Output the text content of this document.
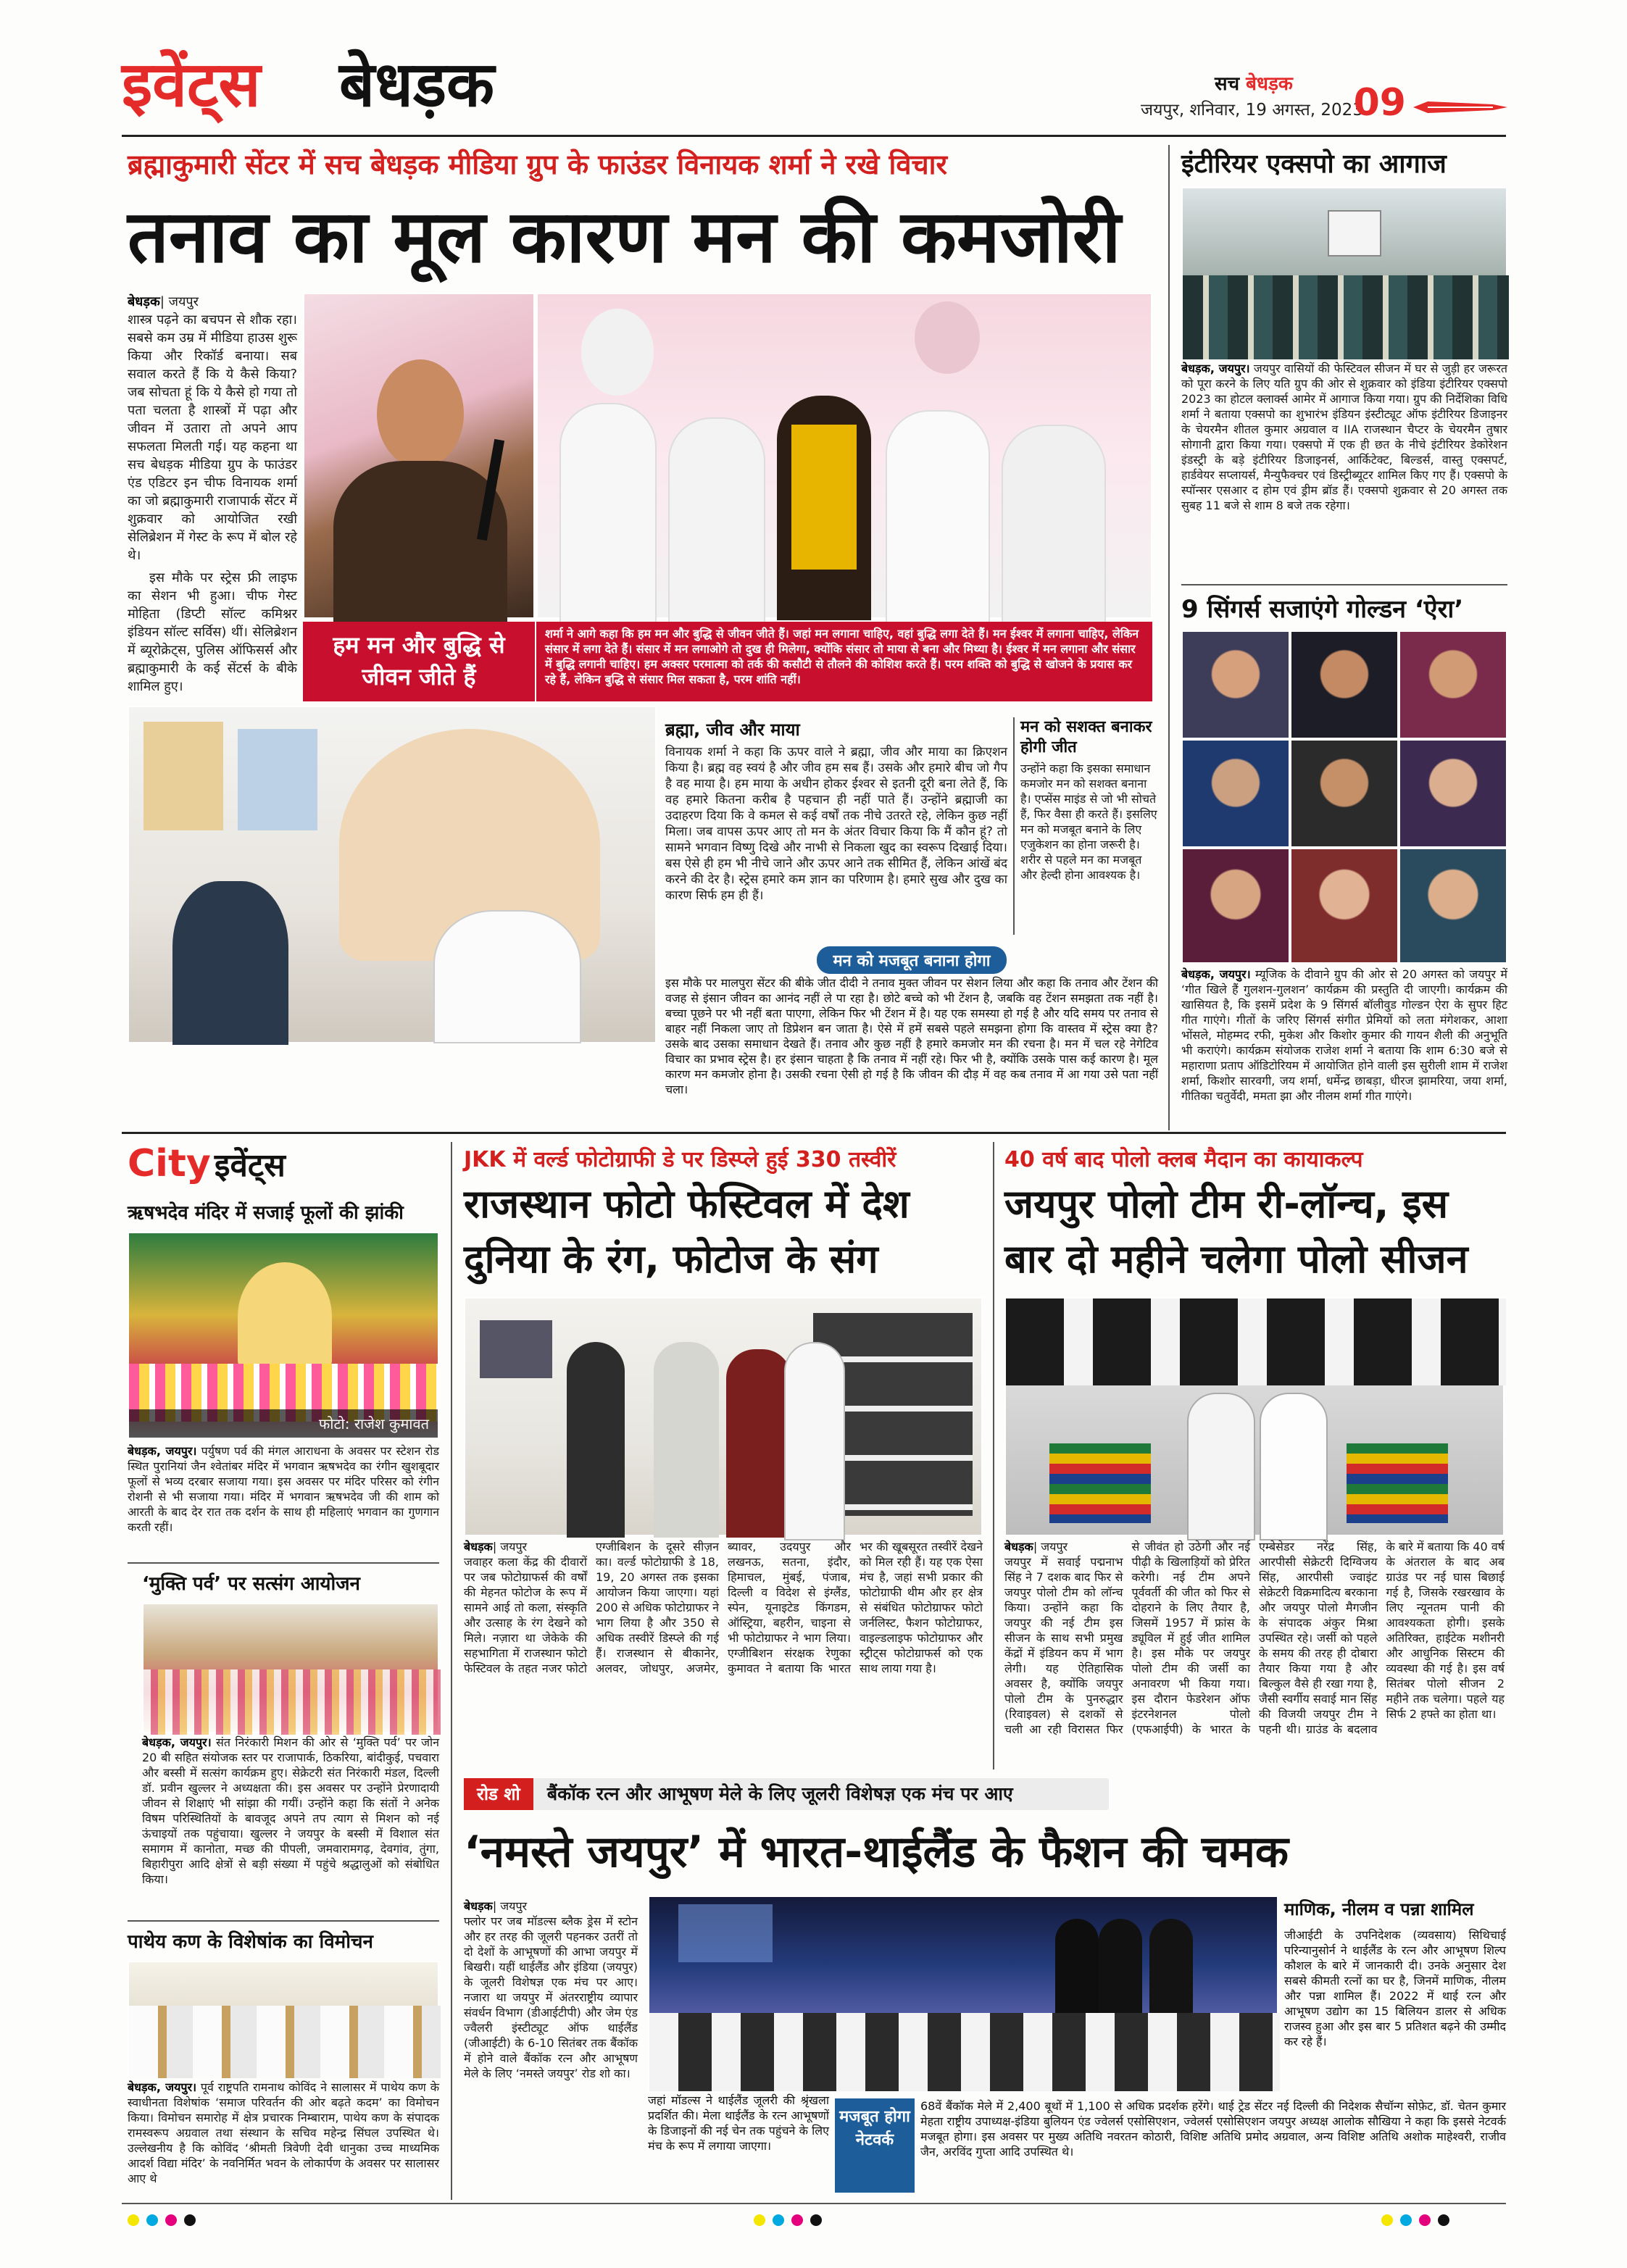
इवेंट्स बेधड़क	सच बेधड़क
जयपुर, शनिवार, 19 अगस्त, 2023
09
ब्रह्माकुमारी सेंटर में सच बेधड़क मीडिया ग्रुप के फाउंडर विनायक शर्मा ने रखे विचार
तनाव का मूल कारण मन की कमजोरी

बेधड़क| जयपुर
शास्त्र पढ़ने का बचपन से शौक रहा। सबसे कम उम्र में मीडिया हाउस शुरू किया और रिकॉर्ड बनाया। सब सवाल करते हैं कि ये कैसे किया? जब सोचता हूं कि ये कैसे हो गया तो पता चलता है शास्त्रों में पढ़ा और जीवन में उतारा तो अपने आप सफलता मिलती गई। यह कहना था सच बेधड़क मीडिया ग्रुप के फाउंडर एंड एडिटर इन चीफ विनायक शर्मा का जो ब्रह्माकुमारी राजापार्क सेंटर में शुक्रवार को आयोजित रखी सेलिब्रेशन में गेस्ट के रूप में बोल रहे थे।

इस मौके पर स्ट्रेस फ्री लाइफ का सेशन भी हुआ। चीफ गेस्ट मोहिता (डिप्टी सॉल्ट कमिश्नर इंडियन सॉल्ट सर्विस) थीं। सेलिब्रेशन में ब्यूरोक्रेट्स, पुलिस ऑफिसर्स और ब्रह्माकुमारी के कई सेंटर्स के बीके शामिल हुए।

हम मन और बुद्धि से जीवन जीते हैं
शर्मा ने आगे कहा कि हम मन और बुद्धि से जीवन जीते हैं। जहां मन लगाना चाहिए, वहां बुद्धि लगा देते हैं। मन ईश्वर में लगाना चाहिए, लेकिन संसार में लगा देते हैं। संसार में मन लगाओगे तो दुख ही मिलेगा, क्योंकि संसार तो माया से बना और मिथ्या है। ईश्वर में मन लगाना और संसार में बुद्धि लगानी चाहिए। हम अक्सर परमात्मा को तर्क की कसौटी से तौलने की कोशिश करते हैं। परम शक्ति को बुद्धि से खोजने के प्रयास कर रहे हैं, लेकिन बुद्धि से संसार मिल सकता है, परम शांति नहीं।
ब्रह्मा, जीव और माया

विनायक शर्मा ने कहा कि ऊपर वाले ने ब्रह्मा, जीव और माया का क्रिएशन किया है। ब्रह्म वह स्वयं है और जीव हम सब हैं। उसके और हमारे बीच जो गैप है वह माया है। हम माया के अधीन होकर ईश्वर से इतनी दूरी बना लेते हैं, कि वह हमारे कितना करीब है पहचान ही नहीं पाते हैं। उन्होंने ब्रह्माजी का उदाहरण दिया कि वे कमल से कई वर्षों तक नीचे उतरते रहे, लेकिन कुछ नहीं मिला। जब वापस ऊपर आए तो मन के अंतर विचार किया कि मैं कौन हूं? तो सामने भगवान विष्णु दिखे और नाभी से निकला खुद का स्वरूप दिखाई दिया। बस ऐसे ही हम भी नीचे जाने और ऊपर आने तक सीमित हैं, लेकिन आंखें बंद करने की देर है। स्ट्रेस हमारे कम ज्ञान का परिणाम है। हमारे सुख और दुख का कारण सिर्फ हम ही हैं।

मन को सशक्त बनाकर होगी जीत

उन्होंने कहा कि इसका समाधान कमजोर मन को सशक्त बनाना है। एप्सेंस माइंड से जो भी सोचते हैं, फिर वैसा ही करते हैं। इसलिए मन को मजबूत बनाने के लिए एजुकेशन का होना जरूरी है। शरीर से पहले मन का मजबूत और हेल्दी होना आवश्यक है।

मन को मजबूत बनाना होगा
इस मौके पर मालपुरा सेंटर की बीके जीत दीदी ने तनाव मुक्त जीवन पर सेशन लिया और कहा कि तनाव और टेंशन की वजह से इंसान जीवन का आनंद नहीं ले पा रहा है। छोटे बच्चे को भी टेंशन है, जबकि वह टेंशन समझता तक नहीं है। बच्चा पूछने पर भी नहीं बता पाएगा, लेकिन फिर भी टेंशन में है। यह एक समस्या हो गई है और यदि समय पर तनाव से बाहर नहीं निकला जाए तो डिप्रेशन बन जाता है। ऐसे में हमें सबसे पहले समझना होगा कि वास्तव में स्ट्रेस क्या है? उसके बाद उसका समाधान देखते हैं। तनाव और कुछ नहीं है हमारे कमजोर मन की रचना है। मन में चल रहे नेगेटिव विचार का प्रभाव स्ट्रेस है। हर इंसान चाहता है कि तनाव में नहीं रहे। फिर भी है, क्योंकि उसके पास कई कारण है। मूल कारण मन कमजोर होना है। उसकी रचना ऐसी हो गई है कि जीवन की दौड़ में वह कब तनाव में आ गया उसे पता नहीं चला।
इंटीरियर एक्सपो का आगाज

बेधड़क, जयपुर। जयपुर वासियों की फेस्टिवल सीजन में घर से जुड़ी हर जरूरत को पूरा करने के लिए यति ग्रुप की ओर से शुक्रवार को इंडिया इंटीरियर एक्सपो 2023 का होटल क्लार्क्स आमेर में आगाज किया गया। ग्रुप की निर्देशिका विधि शर्मा ने बताया एक्सपो का शुभारंभ इंडियन इंस्टीट्यूट ऑफ इंटीरियर डिजाइनर के चेयरमैन शीतल कुमार अग्रवाल व IIA राजस्थान चैप्टर के चेयरमैन तुषार सोगानी द्वारा किया गया। एक्सपो में एक ही छत के नीचे इंटीरियर डेकोरेशन इंडस्ट्री के बड़े इंटीरियर डिजाइनर्स, आर्किटेक्ट, बिल्डर्स, वास्तु एक्सपर्ट, हार्डवेयर सप्लायर्स, मैन्युफैक्चर एवं डिस्ट्रीब्यूटर शामिल किए गए हैं। एक्सपो के स्पॉन्सर एसआर द होम एवं ड्रीम ब्रॉड हैं। एक्सपो शुक्रवार से 20 अगस्त तक सुबह 11 बजे से शाम 8 बजे तक रहेगा।

9 सिंगर्स सजाएंगे गोल्डन ‘ऐरा’

बेधड़क, जयपुर। म्यूजिक के दीवाने ग्रुप की ओर से 20 अगस्त को जयपुर में ‘गीत खिले हैं गुलशन-गुलशन’ कार्यक्रम की प्रस्तुति दी जाएगी। कार्यक्रम की खासियत है, कि इसमें प्रदेश के 9 सिंगर्स बॉलीवुड गोल्डन ऐरा के सुपर हिट गीत गाएंगे। गीतों के जरिए सिंगर्स संगीत प्रेमियों को लता मंगेशकर, आशा भोंसले, मोहम्मद रफी, मुकेश और किशोर कुमार की गायन शैली की अनुभूति भी कराएंगे। कार्यक्रम संयोजक राजेश शर्मा ने बताया कि शाम 6:30 बजे से महाराणा प्रताप ऑडिटोरियम में आयोजित होने वाली इस सुरीली शाम में राजेश शर्मा, किशोर सारवगी, जय शर्मा, धर्मेन्द्र छाबड़ा, धीरज झामरिया, जया शर्मा, गीतिका चतुर्वेदी, ममता झा और नीलम शर्मा गीत गाएंगे।

City इवेंट्स
ऋषभदेव मंदिर में सजाई फूलों की झांकी
फोटो: राजेश कुमावत

बेधड़क, जयपुर। पर्युषण पर्व की मंगल आराधना के अवसर पर स्टेशन रोड स्थित पुरानियां जैन श्वेतांबर मंदिर में भगवान ऋषभदेव का रंगीन खुशबूदार फूलों से भव्य दरबार सजाया गया। इस अवसर पर मंदिर परिसर को रंगीन रोशनी से भी सजाया गया। मंदिर में भगवान ऋषभदेव जी की शाम को आरती के बाद देर रात तक दर्शन के साथ ही महिलाएं भगवान का गुणगान करती रहीं।

‘मुक्ति पर्व’ पर सत्संग आयोजन

बेधड़क, जयपुर। संत निरंकारी मिशन की ओर से ‘मुक्ति पर्व’ पर जोन 20 बी सहित संयोजक स्तर पर राजापार्क, ठिकरिया, बांदीकुई, पचवारा और बस्सी में सत्संग कार्यक्रम हुए। सेक्रेटरी संत निरंकारी मंडल, दिल्ली डॉ. प्रवीन खुल्लर ने अध्यक्षता की। इस अवसर पर उन्होंने प्रेरणादायी जीवन से शिक्षाएं भी सांझा की गयीं। उन्होंने कहा कि संतों ने अनेक विषम परिस्थितियों के बावजूद अपने तप त्याग से मिशन को नई ऊंचाइयों तक पहुंचाया। खुल्लर ने जयपुर के बस्सी में विशाल संत समागम में कानोता, मच्छ की पीपली, जमवारामगढ़, देवगांव, तुंगा, बिहारीपुरा आदि क्षेत्रों से बड़ी संख्या में पहुंचे श्रद्धालुओं को संबोधित किया।

पाथेय कण के विशेषांक का विमोचन

बेधड़क, जयपुर। पूर्व राष्ट्रपति रामनाथ कोविंद ने सालासर में पाथेय कण के स्वाधीनता विशेषांक ‘समाज परिवर्तन की ओर बढ़ते कदम’ का विमोचन किया। विमोचन समारोह में क्षेत्र प्रचारक निम्बाराम, पाथेय कण के संपादक रामस्वरूप अग्रवाल तथा संस्थान के सचिव महेन्द्र सिंघल उपस्थित थे। उल्लेखनीय है कि कोविंद ‘श्रीमती त्रिवेणी देवी धानुका उच्च माध्यमिक आदर्श विद्या मंदिर’ के नवनिर्मित भवन के लोकार्पण के अवसर पर सालासर आए थे

JKK में वर्ल्ड फोटोग्राफी डे पर डिस्प्ले हुई 330 तस्वीरें
राजस्थान फोटो फेस्टिवल में देश दुनिया के रंग, फोटोज के संग

बेधड़क| जयपुर
जवाहर कला केंद्र की दीवारों पर जब फोटोग्राफर्स की वर्षों की मेहनत फोटोज के रूप में सामने आई तो कला, संस्कृति और उत्साह के रंग देखने को मिले। नज़ारा था जेकेके की सहभागिता में राजस्थान फोटो फेस्टिवल के तहत नजर फोटो एग्जीबिशन के दूसरे सीज़न का। वर्ल्ड फोटोग्राफी डे 18, 19, 20 अगस्त तक इसका आयोजन किया जाएगा। यहां 200 से अधिक फोटोग्राफर ने भाग लिया है और 350 से अधिक तस्वीरें डिस्प्ले की गई हैं। राजस्थान से बीकानेर, अलवर, जोधपुर, अजमेर, ब्यावर, उदयपुर और लखनऊ, सतना, इंदौर, हिमाचल, मुंबई, पंजाब, दिल्ली व विदेश से इंग्लैंड, स्पेन, यूनाइटेड किंगडम, ऑस्ट्रिया, बहरीन, चाइना से भी फोटोग्राफर ने भाग लिया। एग्जीबिशन संरक्षक रेणुका कुमावत ने बताया कि भारत भर की खूबसूरत तस्वीरें देखने को मिल रही हैं। यह एक ऐसा मंच है, जहां सभी प्रकार की फोटोग्राफी थीम और हर क्षेत्र से संबंधित फोटोग्राफर फोटो जर्नलिस्ट, फैशन फोटोग्राफर, वाइल्डलाइफ फोटोग्राफर और स्ट्रीट्स फोटोग्राफर्स को एक साथ लाया गया है।

40 वर्ष बाद पोलो क्लब मैदान का कायाकल्प
जयपुर पोलो टीम री-लॉन्च, इस बार दो महीने चलेगा पोलो सीजन

बेधड़क| जयपुर
जयपुर में सवाई पद्मनाभ सिंह ने 7 दशक बाद फिर से जयपुर पोलो टीम को लॉन्च किया। उन्होंने कहा कि जयपुर की नई टीम इस सीजन के साथ सभी प्रमुख केंद्रों में इंडियन कप में भाग लेगी। यह ऐतिहासिक अवसर है, क्योंकि जयपुर पोलो टीम के पुनरुद्धार (रिवाइवल) से दशकों से चली आ रही विरासत फिर से जीवंत हो उठेगी और नई पीढ़ी के खिलाड़ियों को प्रेरित करेगी। नई टीम अपने पूर्ववर्ती की जीत को फिर से दोहराने के लिए तैयार है, जिसमें 1957 में फ्रांस के ड्यूविल में हुई जीत शामिल है। इस मौके पर जयपुर पोलो टीम की जर्सी का अनावरण भी किया गया। इस दौरान फेडरेशन ऑफ इंटरनेशनल पोलो (एफआईपी) के भारत के एम्बेसेडर नरेंद्र सिंह, आरपीसी सेक्रेटरी दिग्विजय सिंह, आरपीसी ज्वाइंट सेक्रेटरी विक्रमादित्य बरकाना और जयपुर पोलो मैगजीन के संपादक अंकुर मिश्रा उपस्थित रहे। जर्सी को पहले के समय की तरह ही दोबारा तैयार किया गया है और बिल्कुल वैसे ही रखा गया है, जैसी स्वर्गीय सवाई मान सिंह की विजयी जयपुर टीम ने पहनी थी। ग्राउंड के बदलाव के बारे में बताया कि 40 वर्ष के अंतराल के बाद अब ग्राउंड पर नई घास बिछाई गई है, जिसके रखरखाव के लिए न्यूनतम पानी की आवश्यकता होगी। इसके अतिरिक्त, हाईटेक मशीनरी और आधुनिक सिस्टम की व्यवस्था की गई है। इस वर्ष सितंबर पोलो सीजन 2 महीने तक चलेगा। पहले यह सिर्फ 2 हफ्ते का होता था।

रोड शो बैंकॉक रत्न और आभूषण मेले के लिए जूलरी विशेषज्ञ एक मंच पर आए
‘नमस्ते जयपुर’ में भारत-थाईलैंड के फैशन की चमक

बेधड़क| जयपुर
फ्लोर पर जब मॉडल्स ब्लैक ड्रेस में स्टोन और हर तरह की जूलरी पहनकर उतरीं तो दो देशों के आभूषणों की आभा जयपुर में बिखरी। यहीं थाईलैंड और इंडिया (जयपुर) के जूलरी विशेषज्ञ एक मंच पर आए। नजारा था जयपुर में अंतरराष्ट्रीय व्यापार संवर्धन विभाग (डीआईटीपी) और जेम एंड ज्वैलरी इंस्टीट्यूट ऑफ थाईलैंड (जीआईटी) के 6-10 सितंबर तक बैंकॉक में होने वाले बैंकॉक रत्न और आभूषण मेले के लिए ‘नमस्ते जयपुर’ रोड शो का।

जहां मॉडल्स ने थाईलैंड जूलरी की श्रृंखला प्रदर्शित की। मेला थाईलैंड के रत्न आभूषणों के डिजाइनों की नई चेन तक पहुंचने के लिए मंच के रूप में लगाया जाएगा।
माणिक, नीलम व पन्ना शामिल
जीआईटी के उपनिदेशक (व्यवसाय) सिथिचाई परिन्यानुसोर्न ने थाईलैंड के रत्न और आभूषण शिल्प कौशल के बारे में जानकारी दी। उनके अनुसार देश सबसे कीमती रत्नों का घर है, जिनमें माणिक, नीलम और पन्ना शामिल हैं। 2022 में थाई रत्न और आभूषण उद्योग का 15 बिलियन डालर से अधिक राजस्व हुआ और इस बार 5 प्रतिशत बढ़ने की उम्मीद कर रहे हैं।
मजबूत होगा नेटवर्क
68वें बैंकॉक मेले में 2,400 बूथों में 1,100 से अधिक प्रदर्शक हरेंगे। थाई ट्रेड सेंटर नई दिल्ली की निदेशक सैचॉन्ग सोफ़ेट, डॉ. चेतन कुमार मेहता राष्ट्रीय उपाध्यक्ष-इंडिया बुलियन एंड ज्वेलर्स एसोसिएशन, ज्वेलर्स एसोसिएशन जयपुर अध्यक्ष आलोक सौखिया ने कहा कि इससे नेटवर्क मजबूत होगा। इस अवसर पर मुख्य अतिथि नवरतन कोठारी, विशिष्ट अतिथि प्रमोद अग्रवाल, अन्य विशिष्ट अतिथि अशोक माहेश्वरी, राजीव जैन, अरविंद गुप्ता आदि उपस्थित थे।
